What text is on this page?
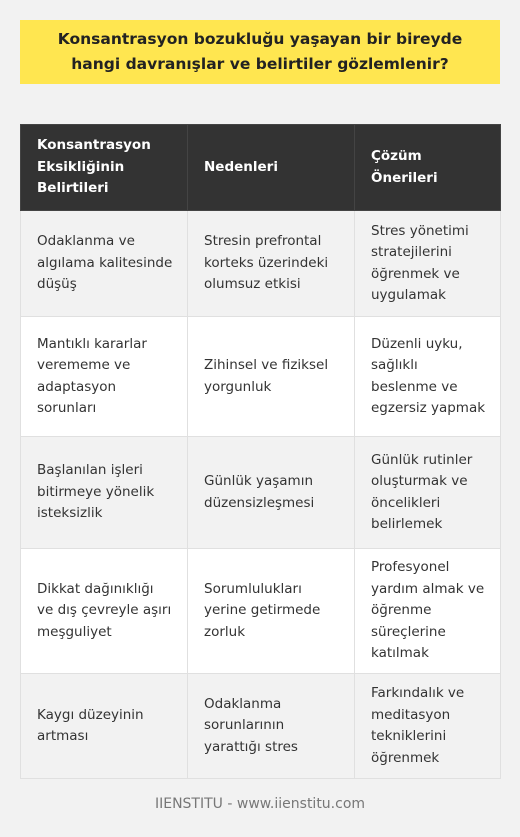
Konsantrasyon bozukluğu yaşayan bir bireyde hangi davranışlar ve belirtiler gözlemlenir?
Konsantrasyon Eksikliğinin Belirtileri	Nedenleri	Çözüm Önerileri
Odaklanma ve algılama kalitesinde düşüş	Stresin prefrontal korteks üzerindeki olumsuz etkisi	Stres yönetimi stratejilerini öğrenmek ve uygulamak
Mantıklı kararlar verememe ve adaptasyon sorunları	Zihinsel ve fiziksel yorgunluk	Düzenli uyku, sağlıklı beslenme ve egzersiz yapmak
Başlanılan işleri bitirmeye yönelik isteksizlik	Günlük yaşamın düzensizleşmesi	Günlük rutinler oluşturmak ve öncelikleri belirlemek
Dikkat dağınıklığı ve dış çevreyle aşırı meşguliyet	Sorumlulukları yerine getirmede zorluk	Profesyonel yardım almak ve öğrenme süreçlerine katılmak
Kaygı düzeyinin artması	Odaklanma sorunlarının yarattığı stres	Farkındalık ve meditasyon tekniklerini öğrenmek
IIENSTITU - www.iienstitu.com
